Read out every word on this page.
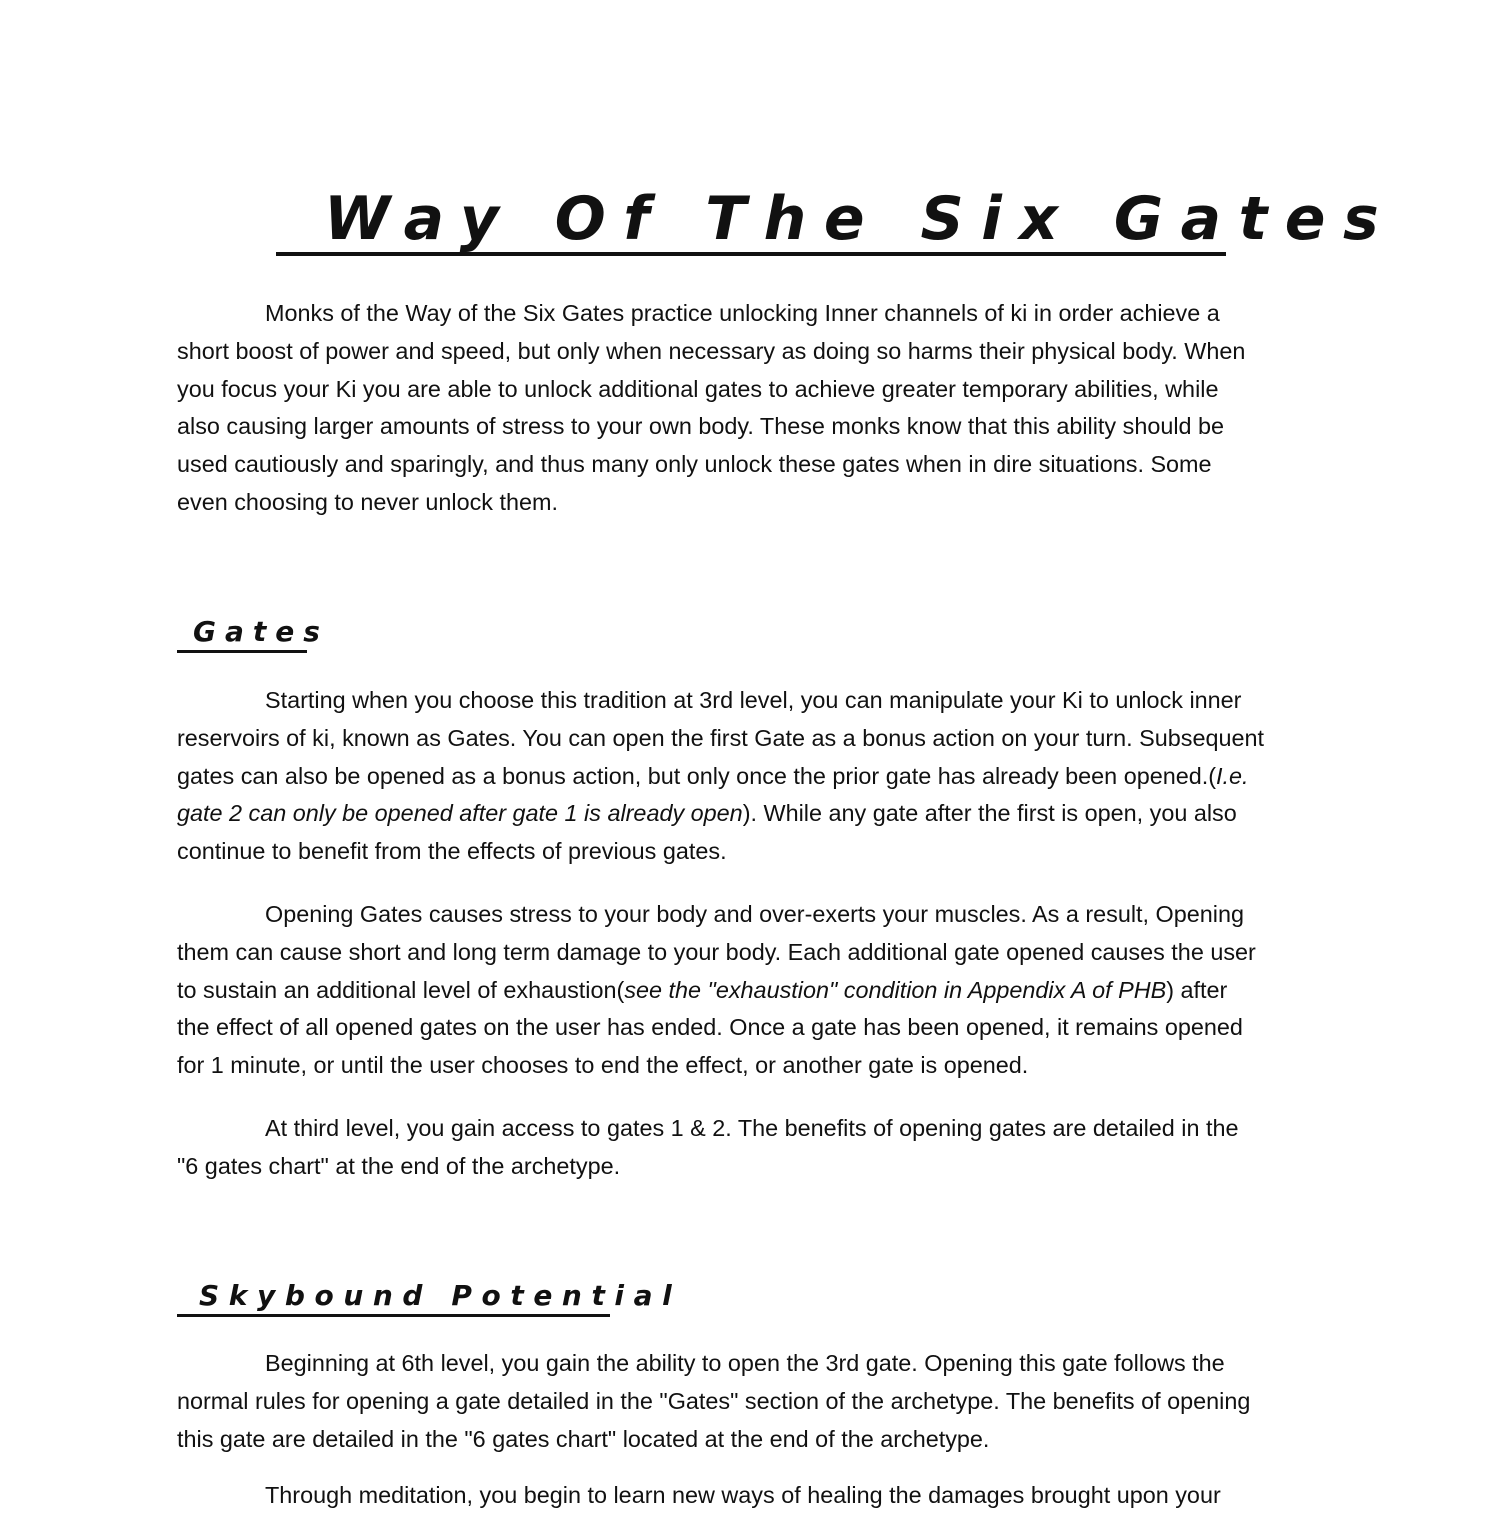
Way Of The Six Gates
Monks of the Way of the Six Gates practice unlocking Inner channels of ki in order achieve a
short boost of power and speed, but only when necessary as doing so harms their physical body. When
you focus your Ki you are able to unlock additional gates to achieve greater temporary abilities, while
also causing larger amounts of stress to your own body. These monks know that this ability should be
used cautiously and sparingly, and thus many only unlock these gates when in dire situations. Some
even choosing to never unlock them.
Gates
Starting when you choose this tradition at 3rd level, you can manipulate your Ki to unlock inner
reservoirs of ki, known as Gates. You can open the first Gate as a bonus action on your turn. Subsequent
gates can also be opened as a bonus action, but only once the prior gate has already been opened.(I.e.
gate 2 can only be opened after gate 1 is already open). While any gate after the first is open, you also
continue to benefit from the effects of previous gates.
Opening Gates causes stress to your body and over-exerts your muscles. As a result, Opening
them can cause short and long term damage to your body. Each additional gate opened causes the user
to sustain an additional level of exhaustion(see the "exhaustion" condition in Appendix A of PHB) after
the effect of all opened gates on the user has ended. Once a gate has been opened, it remains opened
for 1 minute, or until the user chooses to end the effect, or another gate is opened.
At third level, you gain access to gates 1 & 2. The benefits of opening gates are detailed in the
"6 gates chart" at the end of the archetype.
Skybound Potential
Beginning at 6th level, you gain the ability to open the 3rd gate. Opening this gate follows the
normal rules for opening a gate detailed in the "Gates" section of the archetype. The benefits of opening
this gate are detailed in the "6 gates chart" located at the end of the archetype.
Through meditation, you begin to learn new ways of healing the damages brought upon your
